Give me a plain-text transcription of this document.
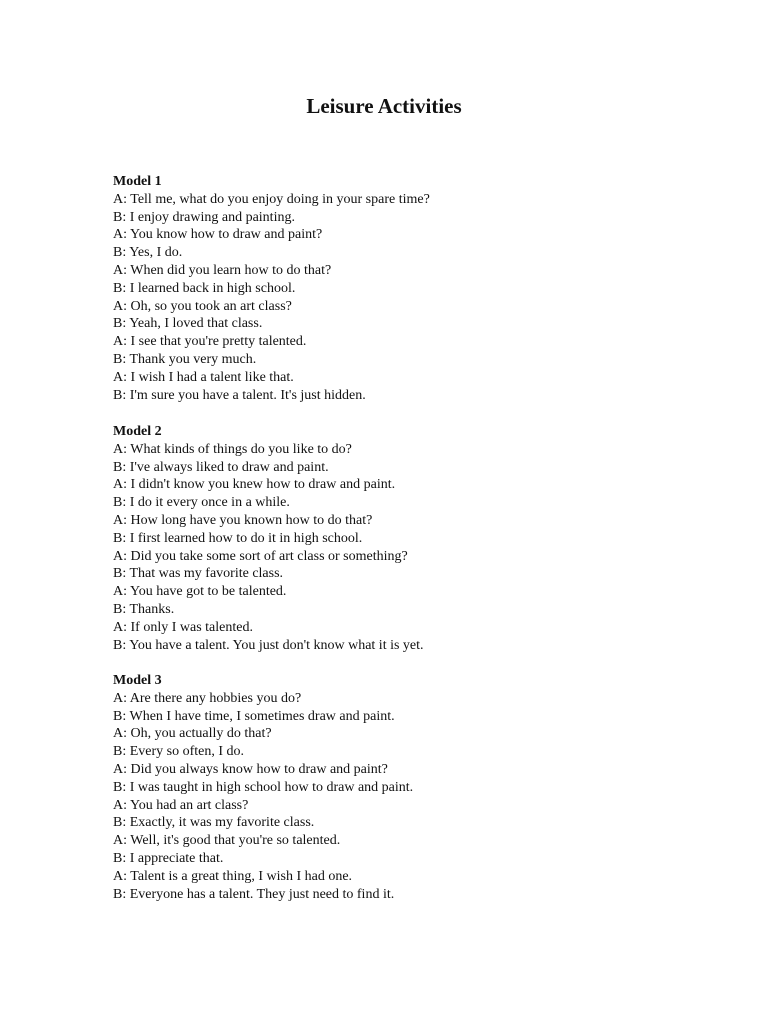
Leisure Activities

Model 1

A: Tell me, what do you enjoy doing in your spare time?

B: I enjoy drawing and painting.

A: You know how to draw and paint?

B: Yes, I do.

A: When did you learn how to do that?

B: I learned back in high school.

A: Oh, so you took an art class?

B: Yeah, I loved that class.

A: I see that you're pretty talented.

B: Thank you very much.

A: I wish I had a talent like that.

B: I'm sure you have a talent. It's just hidden.

Model 2

A: What kinds of things do you like to do?

B: I've always liked to draw and paint.

A: I didn't know you knew how to draw and paint.

B: I do it every once in a while.

A: How long have you known how to do that?

B: I first learned how to do it in high school.

A: Did you take some sort of art class or something?

B: That was my favorite class.

A: You have got to be talented.

B: Thanks.

A: If only I was talented.

B: You have a talent. You just don't know what it is yet.

Model 3

A: Are there any hobbies you do?

B: When I have time, I sometimes draw and paint.

A: Oh, you actually do that?

B: Every so often, I do.

A: Did you always know how to draw and paint?

B: I was taught in high school how to draw and paint.

A: You had an art class?

B: Exactly, it was my favorite class.

A: Well, it's good that you're so talented.

B: I appreciate that.

A: Talent is a great thing, I wish I had one.

B: Everyone has a talent. They just need to find it.
